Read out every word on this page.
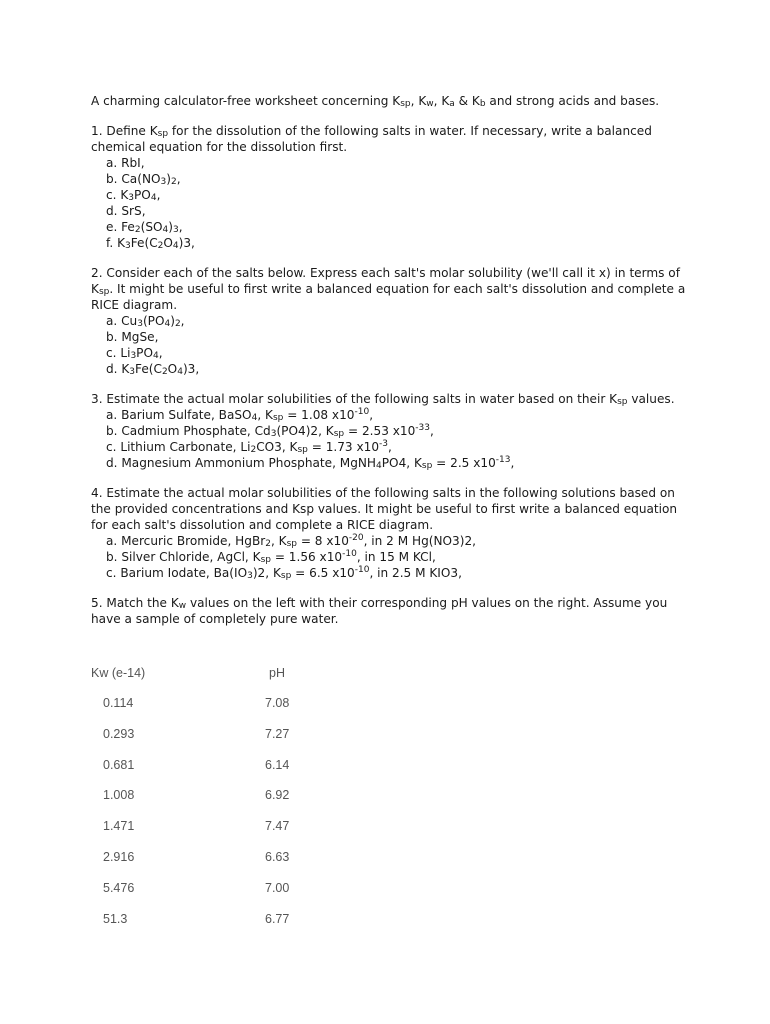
A charming calculator-free worksheet concerning $K_{sp}$, $K_w$, $K_a$ & $K_b$ and strong acids and bases.

1. Define $K_{sp}$ for the dissolution of the following salts in water. If necessary, write a balanced chemical equation for the dissolution first.
a. RbI,
b. $Ca(NO_3)_2$,
c. $K_3PO_4$,
d. SrS,
e. $Fe_2(SO_4)_3$,
f. $K_3Fe(C_2O_4)3$,
2. Consider each of the salts below. Express each salt's molar solubility (we'll call it x) in terms of $K_{sp}$. It might be useful to first write a balanced equation for each salt's dissolution and complete a RICE diagram.
a. $Cu_3(PO_4)_2$,
b. MgSe,
c. $Li_3PO_4$,
d. $K_3Fe(C_2O_4)3$,
3. Estimate the actual molar solubilities of the following salts in water based on their $K_{sp}$ values.
a. Barium Sulfate, BaSO$_4$, $K_{sp} = 1.08$ $x10^{-10}$,
b. Cadmium Phosphate, $Cd_3(PO4)2$, $K_{sp} = 2.53$ $x10^{-33}$,
c. Lithium Carbonate, $Li_2CO3$, $K_{sp} = 1.73$ $x10^{-3}$,
d. Magnesium Ammonium Phosphate, MgNH$_4$PO4, $K_{sp} = 2.5$ $x10^{-13}$,
4. Estimate the actual molar solubilities of the following salts in the following solutions based on the provided concentrations and Ksp values. It might be useful to first write a balanced equation for each salt's dissolution and complete a RICE diagram.
a. Mercuric Bromide, HgBr$_2$, $K_{sp} = 8$ $x10^{-20}$, in 2 M Hg(NO3)2,
b. Silver Chloride, AgCl, $K_{sp} = 1.56$ $x10^{-10}$, in 15 M KCl,
c. Barium Iodate, $Ba(IO_3)2$, $K_{sp} = 6.5$ $x10^{-10}$, in 2.5 M KIO3,
5. Match the $K_w$ values on the left with their corresponding pH values on the right. Assume you have a sample of completely pure water.
Kw (e-14)	pH
0.114	7.08
0.293	7.27
0.681	6.14
1.008	6.92
1.471	7.47
2.916	6.63
5.476	7.00
51.3	6.77
